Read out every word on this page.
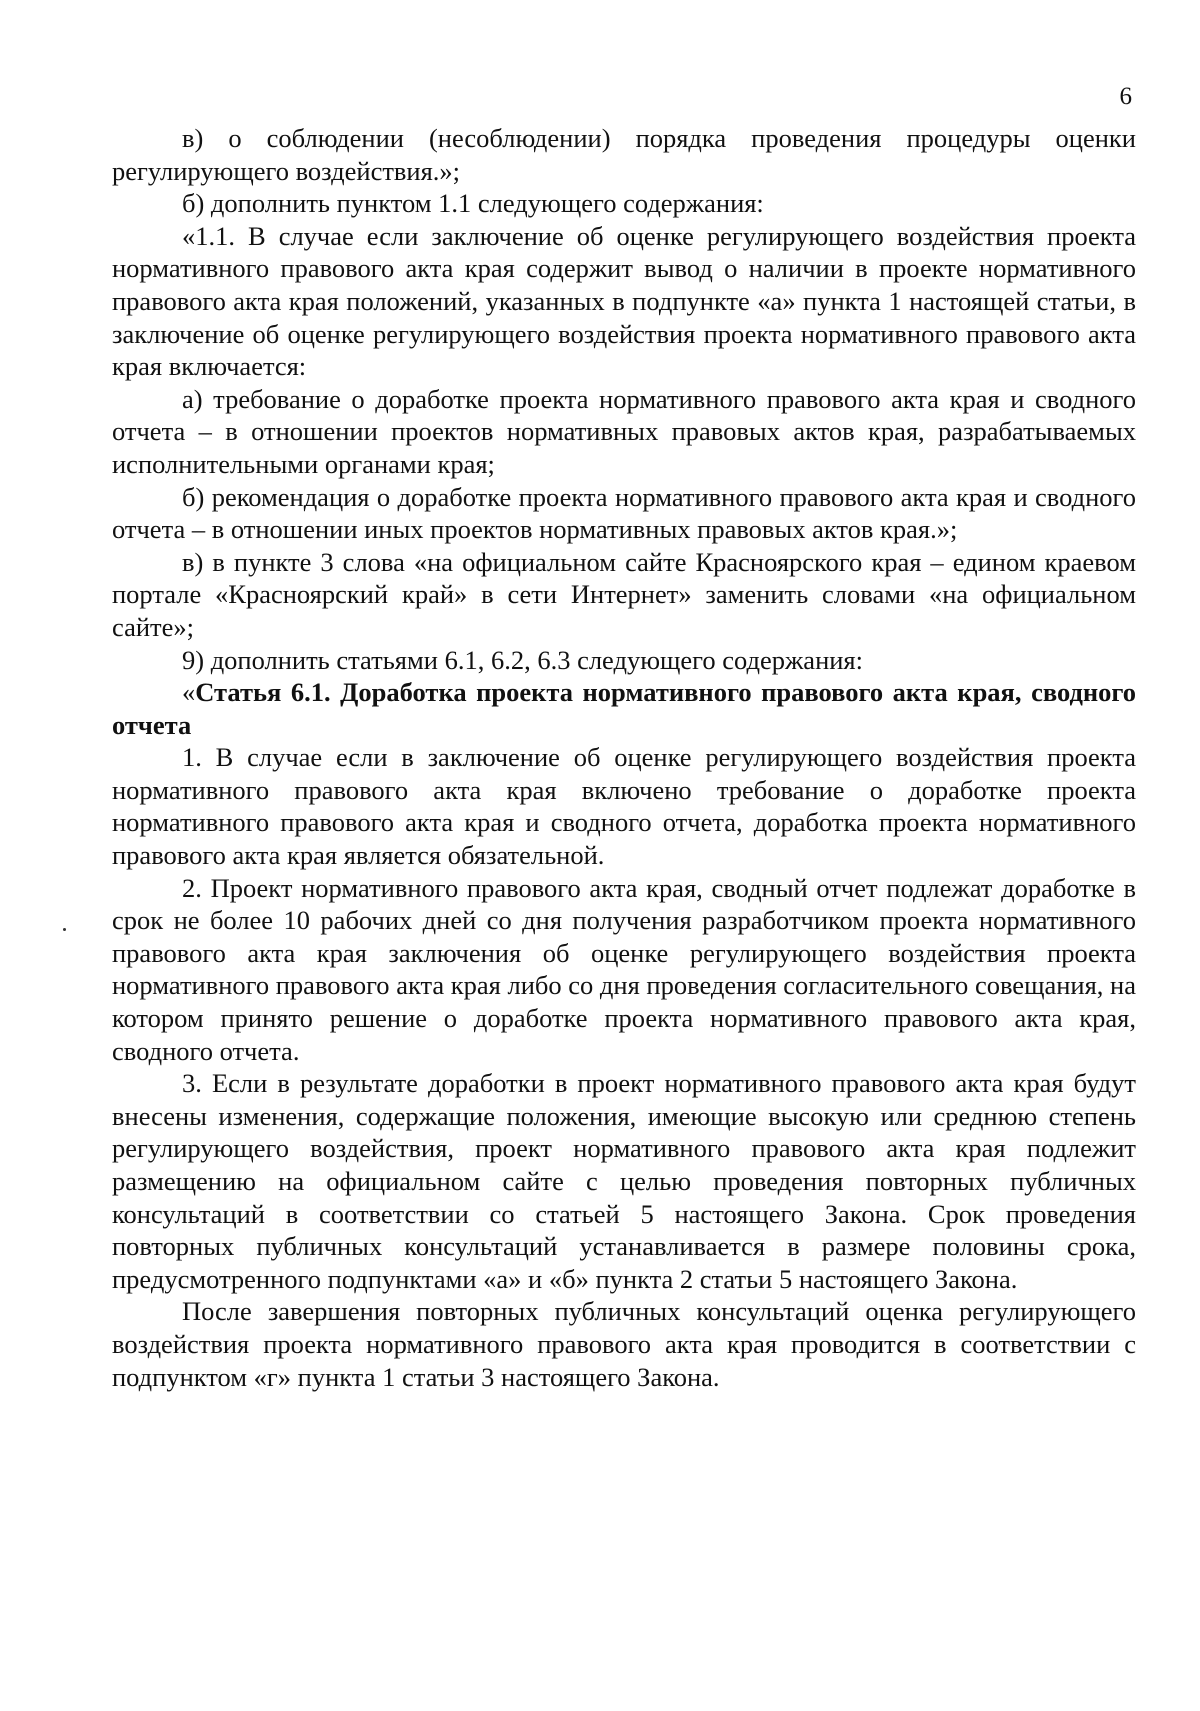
6

в) о соблюдении (несоблюдении) порядка проведения процедуры оценки регулирующего воздействия.»;

б) дополнить пунктом 1.1 следующего содержания:

«1.1. В случае если заключение об оценке регулирующего воздействия проекта нормативного правового акта края содержит вывод о наличии в проекте нормативного правового акта края положений, указанных в подпункте «а» пункта 1 настоящей статьи, в заключение об оценке регулирующего воздействия проекта нормативного правового акта края включается:

а) требование о доработке проекта нормативного правового акта края и сводного отчета – в отношении проектов нормативных правовых актов края, разрабатываемых исполнительными органами края;

б) рекомендация о доработке проекта нормативного правового акта края и сводного отчета – в отношении иных проектов нормативных правовых актов края.»;

в) в пункте 3 слова «на официальном сайте Красноярского края – едином краевом портале «Красноярский край» в сети Интернет» заменить словами «на официальном сайте»;

9) дополнить статьями 6.1, 6.2, 6.3 следующего содержания:

«Статья 6.1. Доработка проекта нормативного правового акта края, сводного отчета

1. В случае если в заключение об оценке регулирующего воздействия проекта нормативного правового акта края включено требование о доработке проекта нормативного правового акта края и сводного отчета, доработка проекта нормативного правового акта края является обязательной.

2. Проект нормативного правового акта края, сводный отчет подлежат доработке в срок не более 10 рабочих дней со дня получения разработчиком проекта нормативного правового акта края заключения об оценке регулирующего воздействия проекта нормативного правового акта края либо со дня проведения согласительного совещания, на котором принято решение о доработке проекта нормативного правового акта края, сводного отчета.

3. Если в результате доработки в проект нормативного правового акта края будут внесены изменения, содержащие положения, имеющие высокую или среднюю степень регулирующего воздействия, проект нормативного правового акта края подлежит размещению на официальном сайте с целью проведения повторных публичных консультаций в соответствии со статьей 5 настоящего Закона. Срок проведения повторных публичных консультаций устанавливается в размере половины срока, предусмотренного подпунктами «а» и «б» пункта 2 статьи 5 настоящего Закона.

После завершения повторных публичных консультаций оценка регулирующего воздействия проекта нормативного правового акта края проводится в соответствии с подпунктом «г» пункта 1 статьи 3 настоящего Закона.
